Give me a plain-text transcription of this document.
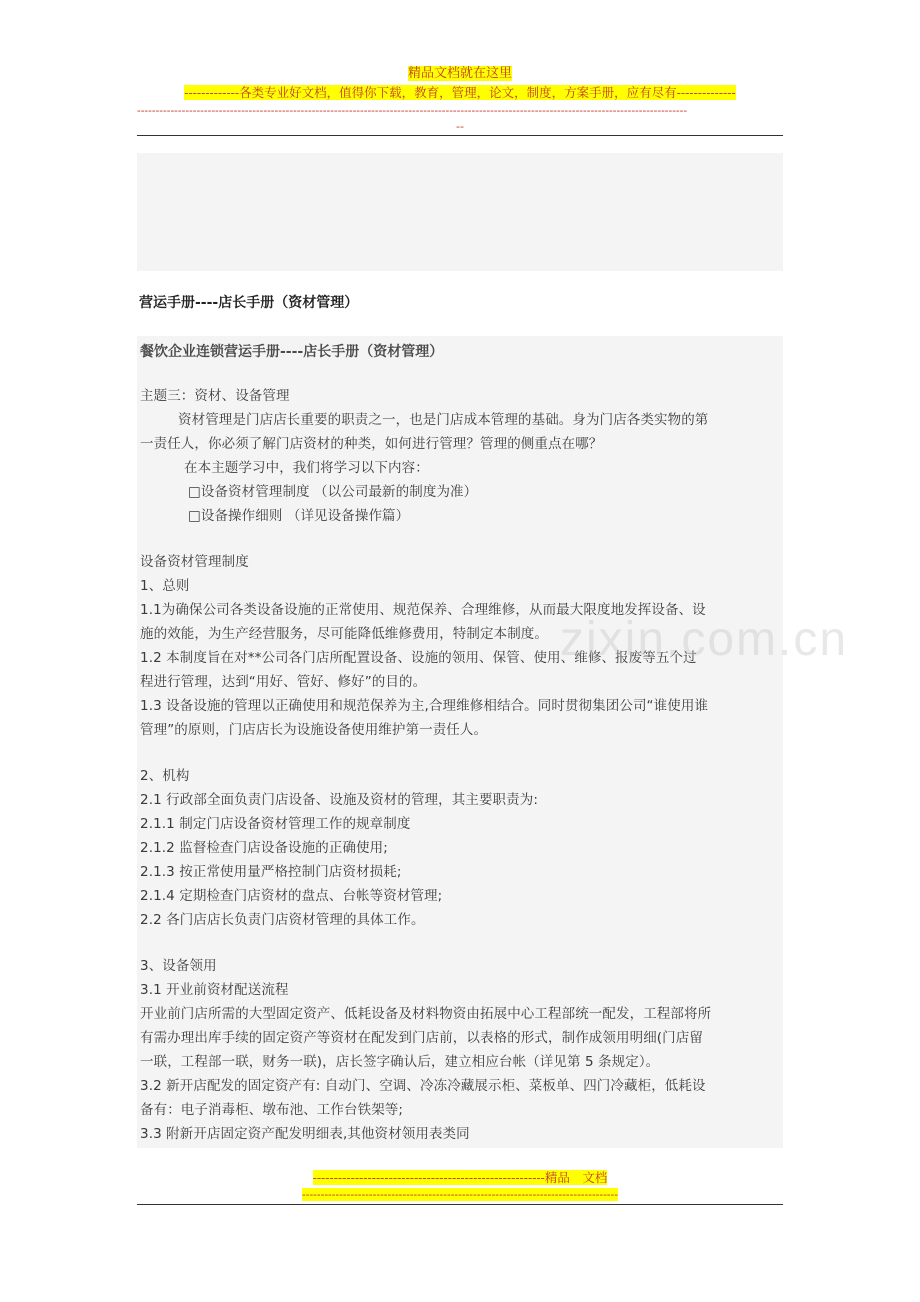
精品文档就在这里
-------------各类专业好文档，值得你下载，教育，管理，论文，制度，方案手册，应有尽有--------------
----------------------------------------------------------------------------------------------------------------------------------------------------
--
营运手册----店长手册（资材管理）
餐饮企业连锁营运手册----店长手册（资材管理）
主题三：资材、设备管理
资材管理是门店店长重要的职责之一，也是门店成本管理的基础。身为门店各类实物的第
一责任人，你必须了解门店资材的种类，如何进行管理？管理的侧重点在哪？
在本主题学习中，我们将学习以下内容：
□设备资材管理制度 （以公司最新的制度为准）
□设备操作细则 （详见设备操作篇）
设备资材管理制度
1、总则
1.1为确保公司各类设备设施的正常使用、规范保养、合理维修，从而最大限度地发挥设备、设
施的效能，为生产经营服务，尽可能降低维修费用，特制定本制度。
1.2 本制度旨在对**公司各门店所配置设备、设施的领用、保管、使用、维修、报废等五个过
程进行管理，达到“用好、管好、修好”的目的。
1.3 设备设施的管理以正确使用和规范保养为主,合理维修相结合。同时贯彻集团公司“谁使用谁
管理”的原则，门店店长为设施设备使用维护第一责任人。
2、机构
2.1 行政部全面负责门店设备、设施及资材的管理，其主要职责为:
2.1.1 制定门店设备资材管理工作的规章制度
2.1.2 监督检查门店设备设施的正确使用;
2.1.3 按正常使用量严格控制门店资材损耗;
2.1.4 定期检查门店资材的盘点、台帐等资材管理;
2.2 各门店店长负责门店资材管理的具体工作。
3、设备领用
3.1 开业前资材配送流程
开业前门店所需的大型固定资产、低耗设备及材料物资由拓展中心工程部统一配发，工程部将所
有需办理出库手续的固定资产等资材在配发到门店前，以表格的形式，制作成领用明细(门店留
一联，工程部一联，财务一联)，店长签字确认后，建立相应台帐（详见第 5 条规定）。
3.2 新开店配发的固定资产有: 自动门、空调、冷冻冷藏展示柜、菜板单、四门冷藏柜，低耗设
备有：电子消毒柜、墩布池、工作台铁架等;
3.3 附新开店固定资产配发明细表,其他资材领用表类同
zixin.com.cn
-------------------------------------------------------精品　文档
-------------------------------------------------------------------------------------
